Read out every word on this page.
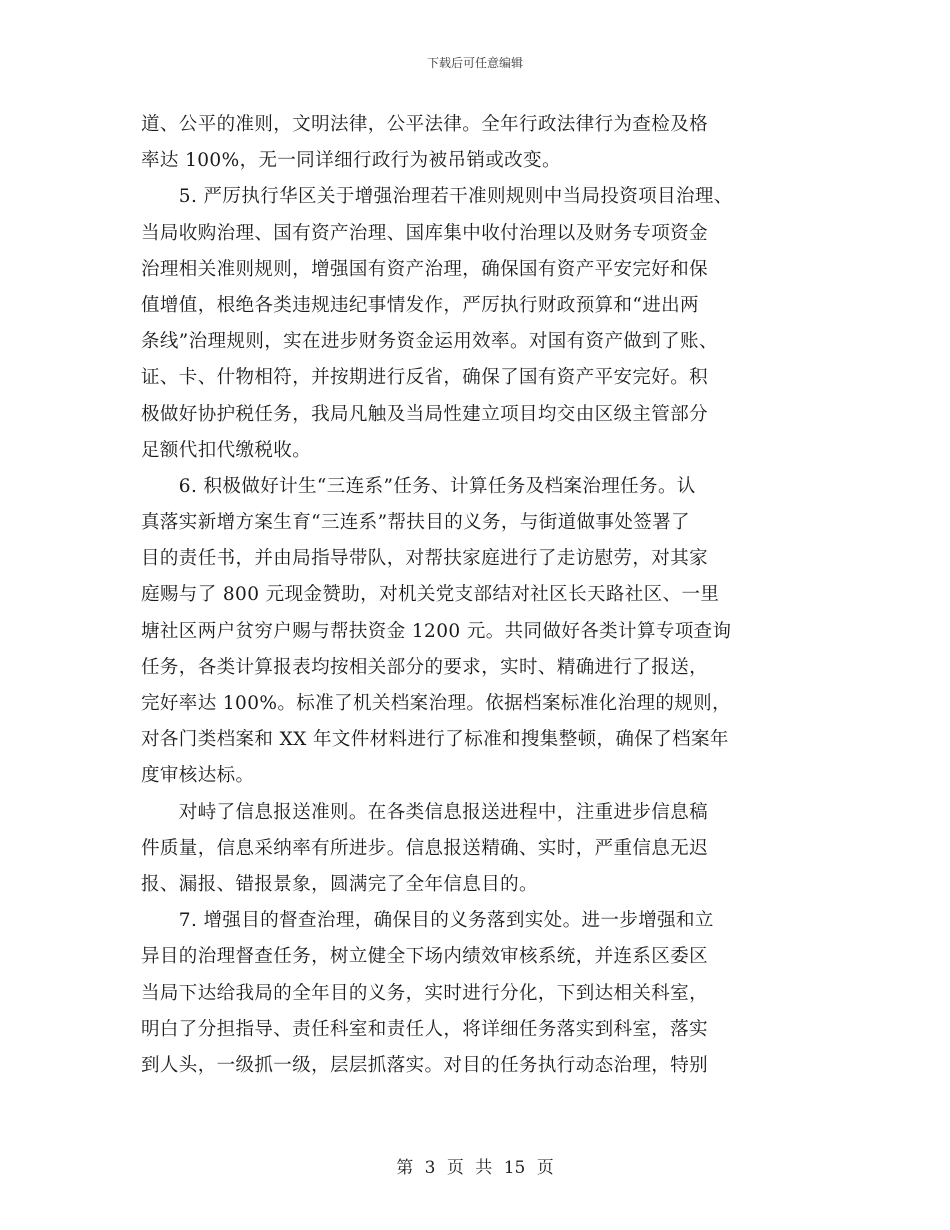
下载后可任意编辑
道、公平的准则，文明法律，公平法律。全年行政法律行为查检及格
率达 100%，无一同详细行政行为被吊销或改变。
　　5. 严厉执行华区关于增强治理若干准则规则中当局投资项目治理、
当局收购治理、国有资产治理、国库集中收付治理以及财务专项资金
治理相关准则规则，增强国有资产治理，确保国有资产平安完好和保
值增值，根绝各类违规违纪事情发作，严厉执行财政预算和“进出两
条线”治理规则，实在进步财务资金运用效率。对国有资产做到了账、
证、卡、什物相符，并按期进行反省，确保了国有资产平安完好。积
极做好协护税任务，我局凡触及当局性建立项目均交由区级主管部分
足额代扣代缴税收。
　　6. 积极做好计生“三连系”任务、计算任务及档案治理任务。认
真落实新增方案生育“三连系”帮扶目的义务，与街道做事处签署了
目的责任书，并由局指导带队，对帮扶家庭进行了走访慰劳，对其家
庭赐与了 800 元现金赞助，对机关党支部结对社区长天路社区、一里
塘社区两户贫穷户赐与帮扶资金 1200 元。共同做好各类计算专项查询
任务，各类计算报表均按相关部分的要求，实时、精确进行了报送，
完好率达 100%。标准了机关档案治理。依据档案标准化治理的规则，
对各门类档案和 XX 年文件材料进行了标准和搜集整顿，确保了档案年
度审核达标。
　　对峙了信息报送准则。在各类信息报送进程中，注重进步信息稿
件质量，信息采纳率有所进步。信息报送精确、实时，严重信息无迟
报、漏报、错报景象，圆满完了全年信息目的。
　　7. 增强目的督查治理，确保目的义务落到实处。进一步增强和立
异目的治理督查任务，树立健全下场内绩效审核系统，并连系区委区
当局下达给我局的全年目的义务，实时进行分化，下到达相关科室，
明白了分担指导、责任科室和责任人，将详细任务落实到科室，落实
到人头，一级抓一级，层层抓落实。对目的任务执行动态治理，特别
第 3 页 共 15 页
